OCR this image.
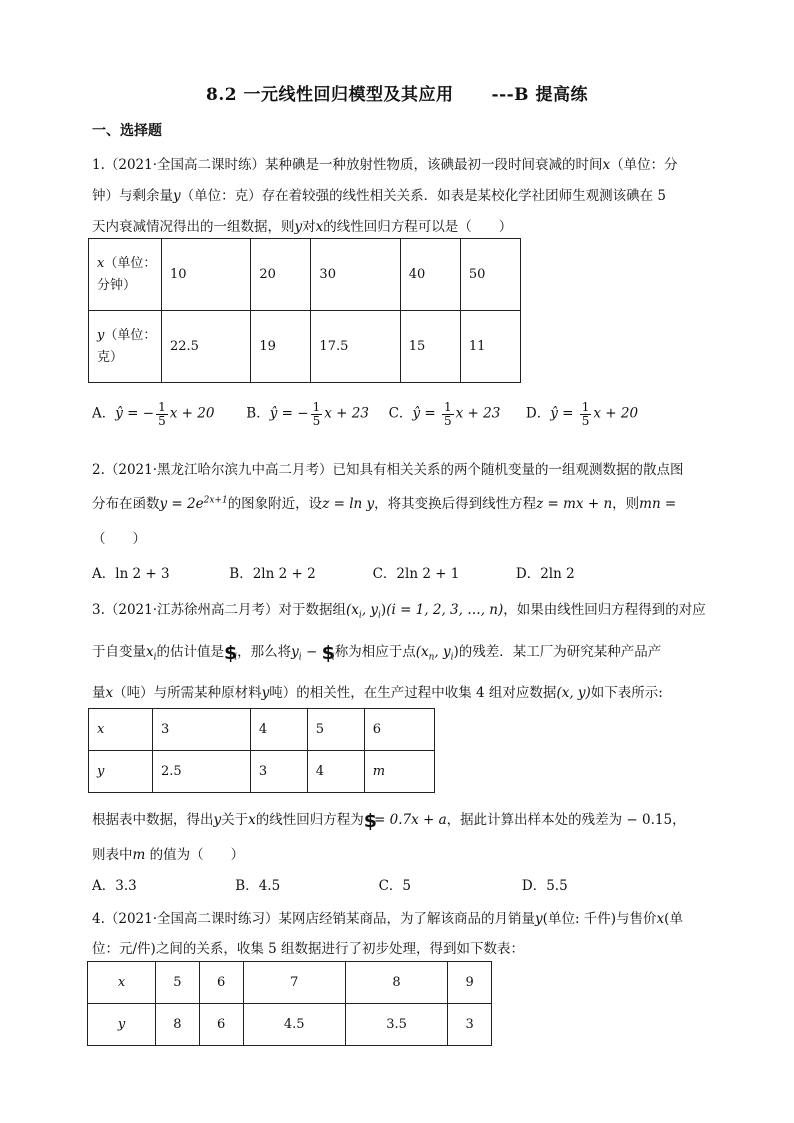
8.2 一元线性回归模型及其应用 ---B 提高练
一、选择题
1.（2021·全国高二课时练）某种碘是一种放射性物质，该碘最初一段时间衰减的时间x（单位：分
钟）与剩余量y（单位：克）存在着较强的线性相关关系．如表是某校化学社团师生观测该碘在 5
天内衰减情况得出的一组数据，则y对x的线性回归方程可以是（　　）
x（单位：
分钟）	10	20	30	40	50
y（单位：
克）	22.5	19	17.5	15	11
A．ŷ = − $\frac{1}{5}$ x + 20 B．ŷ = − $\frac{1}{5}$ x + 23 C．ŷ = $\frac{1}{5}$ x + 23 D．ŷ = $\frac{1}{5}$ x + 20
2.（2021·黑龙江哈尔滨九中高二月考）已知具有相关关系的两个随机变量的一组观测数据的散点图
分布在函数$y = 2e^{2x+1}$的图象附近，设z = ln y，将其变换后得到线性方程z = mx + n，则mn =
（　　）
A．ln 2 + 3	B．2ln 2 + 2	C．2ln 2 + 1	D．2ln 2
3.（2021·江苏徐州高二月考）对于数据组($x_i$, $y_i)(i = 1$, 2, 3, …, n)，如果由线性回归方程得到的对应
于自变量$x_i$的估计值是$\$_i$，那么将$y_i$ − $\$_i$称为相应于点($x_n$, $y_i$)的残差．某工厂为研究某种产品产
量x（吨）与所需某种原材料y吨）的相关性，在生产过程中收集 4 组对应数据(x, y)如下表所示:
x	3	4	5	6
y	2.5	3	4	m
根据表中数据，得出y关于x的线性回归方程为$= 0.7x + a，据此计算出样本处的残差为 − 0.15，
则表中m 的值为（　　）
A．3.3	B．4.5	C．5	D．5.5
4.（2021·全国高二课时练习）某网店经销某商品，为了解该商品的月销量y(单位: 千件)与售价x(单
位：元/件)之间的关系，收集 5 组数据进行了初步处理，得到如下数表：
x	5	6	7	8	9
y	8	6	4.5	3.5	3
